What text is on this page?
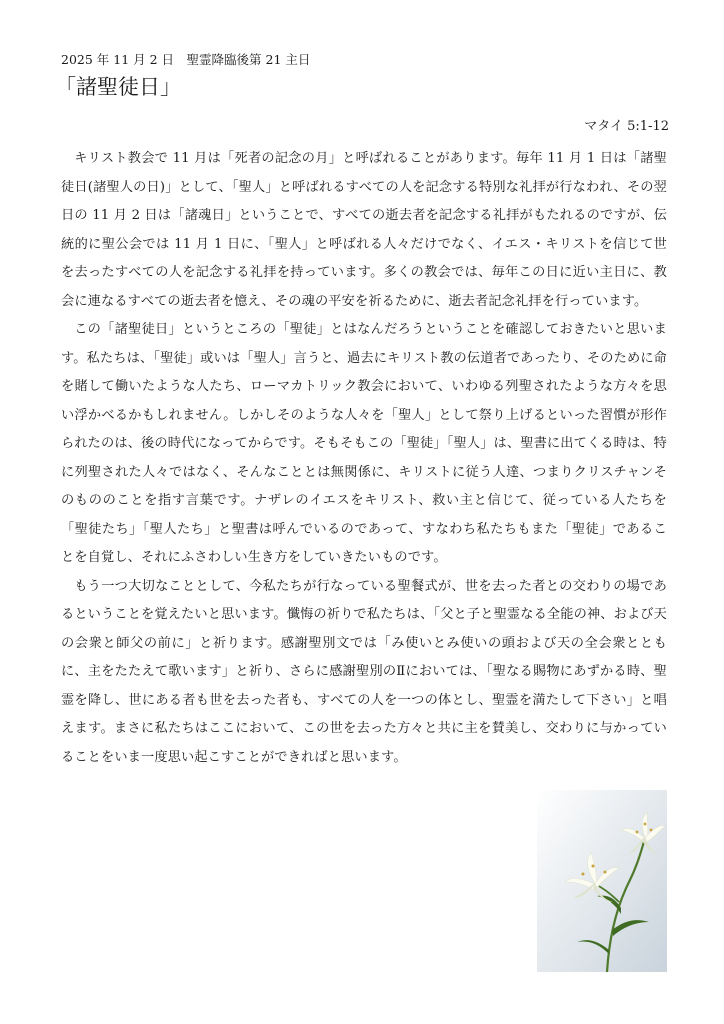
2025 年 11 月 2 日　聖霊降臨後第 21 主日
「諸聖徒日」
マタイ 5:1-12

キリスト教会で 11 月は「死者の記念の月」と呼ばれることがあります。毎年 11 月 1 日は「諸聖徒日(諸聖人の日)」として、「聖人」と呼ばれるすべての人を記念する特別な礼拝が行なわれ、その翌日の 11 月 2 日は「諸魂日」ということで、すべての逝去者を記念する礼拝がもたれるのですが、伝統的に聖公会では 11 月 1 日に、「聖人」と呼ばれる人々だけでなく、イエス・キリストを信じて世を去ったすべての人を記念する礼拝を持っています。多くの教会では、毎年この日に近い主日に、教会に連なるすべての逝去者を憶え、その魂の平安を祈るために、逝去者記念礼拝を行っています。

この「諸聖徒日」というところの「聖徒」とはなんだろうということを確認しておきたいと思います。私たちは、「聖徒」或いは「聖人」言うと、過去にキリスト教の伝道者であったり、そのために命を賭して働いたような人たち、ローマカトリック教会において、いわゆる列聖されたような方々を思い浮かべるかもしれません。しかしそのような人々を「聖人」として祭り上げるといった習慣が形作られたのは、後の時代になってからです。そもそもこの「聖徒」「聖人」は、聖書に出てくる時は、特に列聖された人々ではなく、そんなこととは無関係に、キリストに従う人達、つまりクリスチャンそのもののことを指す言葉です。ナザレのイエスをキリスト、救い主と信じて、従っている人たちを「聖徒たち」「聖人たち」と聖書は呼んでいるのであって、すなわち私たちもまた「聖徒」であることを自覚し、それにふさわしい生き方をしていきたいものです。

もう一つ大切なこととして、今私たちが行なっている聖餐式が、世を去った者との交わりの場であるということを覚えたいと思います。懺悔の祈りで私たちは、「父と子と聖霊なる全能の神、および天の会衆と師父の前に」と祈ります。感謝聖別文では「み使いとみ使いの頭および天の全会衆とともに、主をたたえて歌います」と祈り、さらに感謝聖別のⅡにおいては、「聖なる賜物にあずかる時、聖霊を降し、世にある者も世を去った者も、すべての人を一つの体とし、聖霊を満たして下さい」と唱えます。まさに私たちはここにおいて、この世を去った方々と共に主を賛美し、交わりに与かっていることをいま一度思い起こすことができればと思います。
